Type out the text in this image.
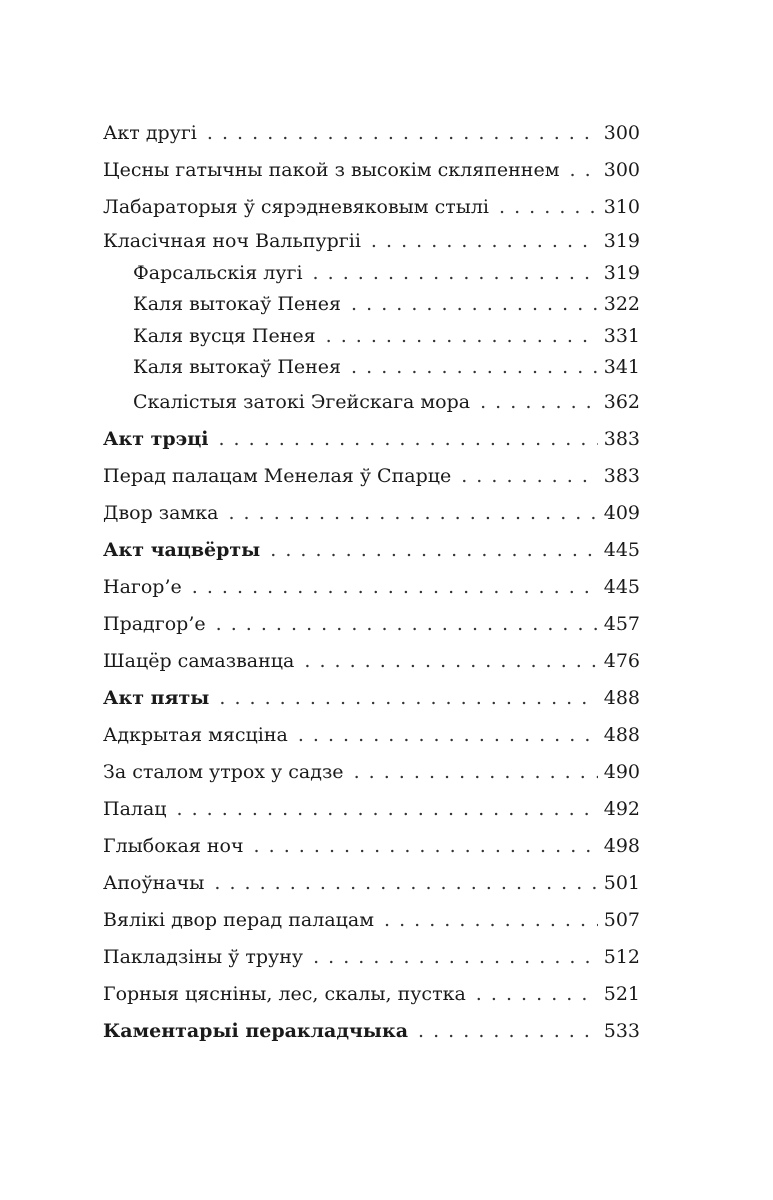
Акт другі . . .	300
Цесны гатычны пакой з высокім скляпеннем . . . 300
Лабараторыя ў сярэдневяковым стылі . . .	310
Класічная ноч Вальпургіі . . .	319
Фарсальскія лугі . . .	319
Каля вытокаў Пенея . . .	322
Каля вусця Пенея . . .	331
Каля вытокаў Пенея . . .	341
Скалістыя затокі Эгейскага мора . . .	362
Акт трэці . . .	383
Перад палацам Менелая ў Спарце . . .	383
Двор замка . . .	409
Акт чацвёрты . . .	445
Нагор’е . . .	445
Прадгор’е . . .	457
Шацёр самазванца . . .	476
Акт пяты . . .	488
Адкрытая мясціна . . .	488
За сталом утрох у садзе . . .	490
Палац . . .	492
Глыбокая ноч . . .	498
Апоўначы . . .	501
Вялікі двор перад палацам . . .	507
Пакладзіны ў труну . . .	512
Горныя цясніны, лес, скалы, пустка . . .	521
Каментарыі перакладчыка . . .	533
